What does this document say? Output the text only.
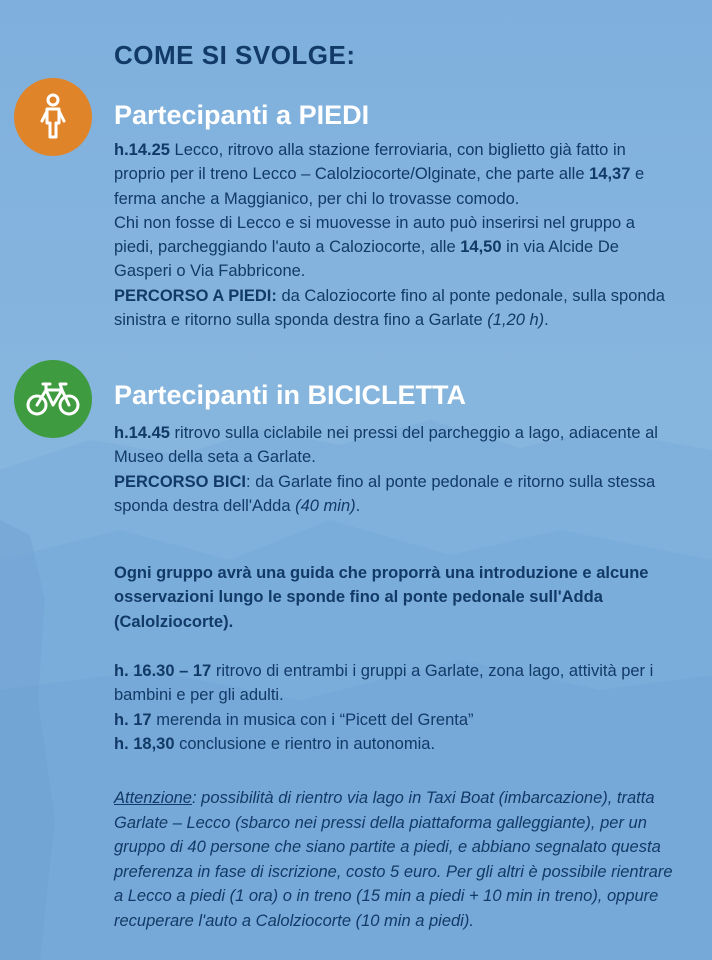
COME SI SVOLGE:
Partecipanti a PIEDI
h.14.25 Lecco, ritrovo alla stazione ferroviaria, con biglietto già fatto in proprio per il treno Lecco – Calolziocorte/Olginate, che parte alle 14,37 e ferma anche a Maggianico, per chi lo trovasse comodo.
Chi non fosse di Lecco e si muovesse in auto può inserirsi nel gruppo a piedi, parcheggiando l'auto a Caloziocorte, alle 14,50 in via Alcide De Gasperi o Via Fabbricone.
PERCORSO A PIEDI: da Caloziocorte fino al ponte pedonale, sulla sponda sinistra e ritorno sulla sponda destra fino a Garlate (1,20 h).
Partecipanti in BICICLETTA
h.14.45 ritrovo sulla ciclabile nei pressi del parcheggio a lago, adiacente al Museo della seta a Garlate.
PERCORSO BICI: da Garlate fino al ponte pedonale e ritorno sulla stessa sponda destra dell'Adda (40 min).
Ogni gruppo avrà una guida che proporrà una introduzione e alcune osservazioni lungo le sponde fino al ponte pedonale sull'Adda (Calolziocorte).
h. 16.30 – 17 ritrovo di entrambi i gruppi a Garlate, zona lago, attività per i bambini e per gli adulti.
h. 17 merenda in musica con i “Picett del Grenta”
h. 18,30 conclusione e rientro in autonomia.
Attenzione: possibilità di rientro via lago in Taxi Boat (imbarcazione), tratta Garlate – Lecco (sbarco nei pressi della piattaforma galleggiante), per un gruppo di 40 persone che siano partite a piedi, e abbiano segnalato questa preferenza in fase di iscrizione, costo 5 euro. Per gli altri è possibile rientrare a Lecco a piedi (1 ora) o in treno (15 min a piedi + 10 min in treno), oppure recuperare l'auto a Calolziocorte (10 min a piedi).
